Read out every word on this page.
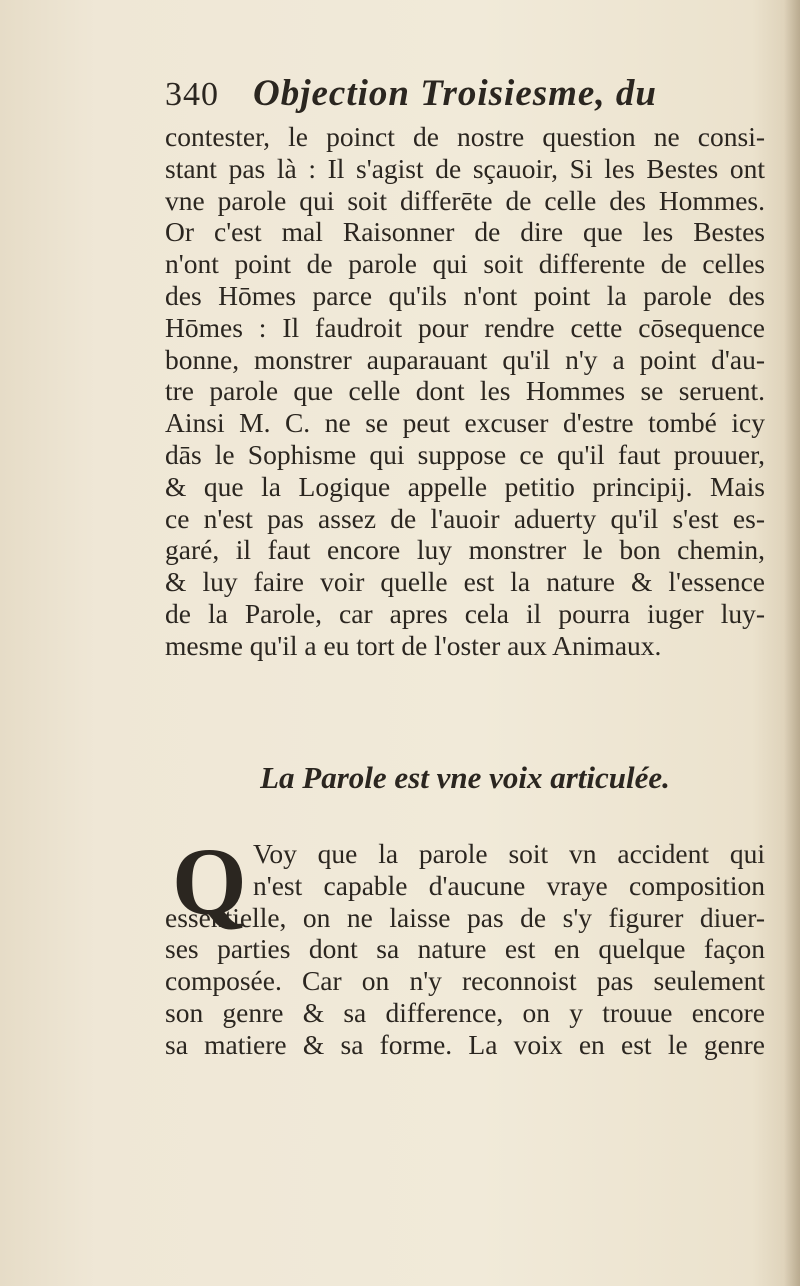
340 Objection Troisiesme, du
contester, le poinct de nostre question ne consi-
stant pas là : Il s'agist de sçauoir, Si les Bestes ont
vne parole qui soit differēte de celle des Hommes.
Or c'est mal Raisonner de dire que les Bestes
n'ont point de parole qui soit differente de celles
des Hōmes parce qu'ils n'ont point la parole des
Hōmes : Il faudroit pour rendre cette cōsequence
bonne, monstrer auparauant qu'il n'y a point d'au-
tre parole que celle dont les Hommes se seruent.
Ainsi M. C. ne se peut excuser d'estre tombé icy
dās le Sophisme qui suppose ce qu'il faut prouuer,
& que la Logique appelle petitio principij. Mais
ce n'est pas assez de l'auoir aduerty qu'il s'est es-
garé, il faut encore luy monstrer le bon chemin,
& luy faire voir quelle est la nature & l'essence
de la Parole, car apres cela il pourra iuger luy-
mesme qu'il a eu tort de l'oster aux Animaux.
La Parole est vne voix articulée.
Q Voy que la parole soit vn accident qui
n'est capable d'aucune vraye composition
essentielle, on ne laisse pas de s'y figurer diuer-
ses parties dont sa nature est en quelque façon
composée. Car on n'y reconnoist pas seulement
son genre & sa difference, on y trouue encore
sa matiere & sa forme. La voix en est le genre
